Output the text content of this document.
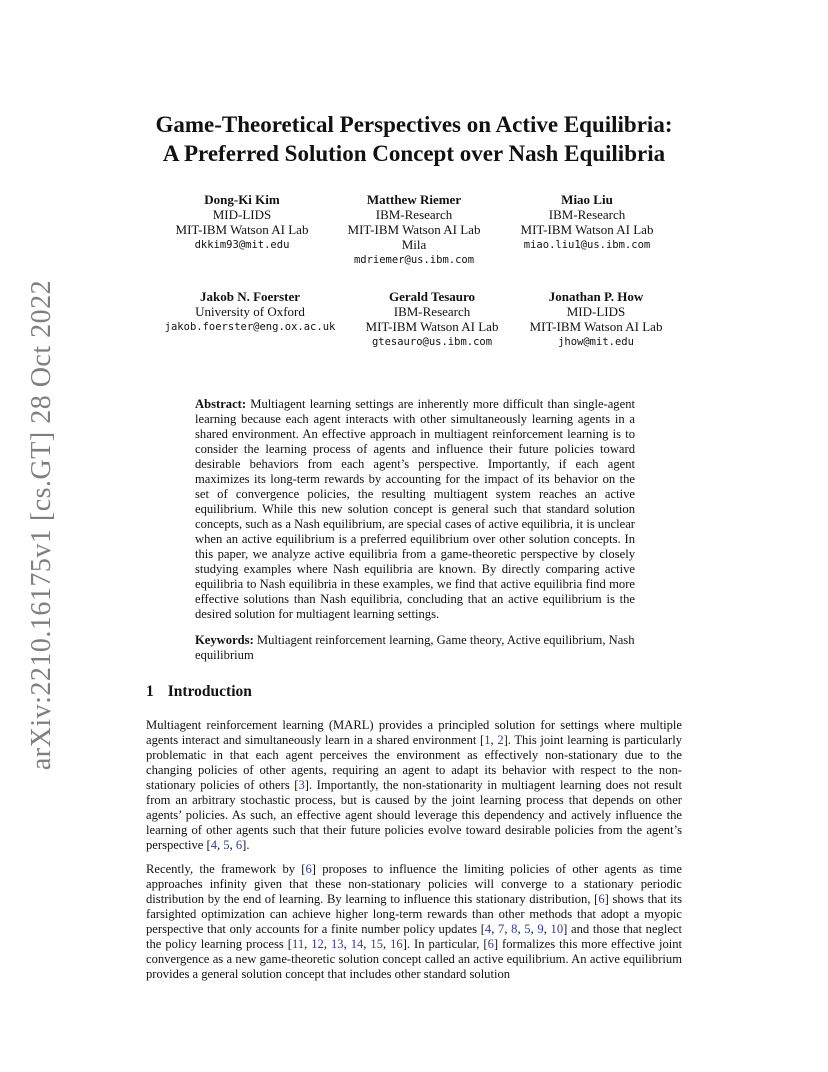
arXiv:2210.16175v1 [cs.GT] 28 Oct 2022
Game-Theoretical Perspectives on Active Equilibria:
A Preferred Solution Concept over Nash Equilibria
Dong-Ki Kim
MID-LIDS
MIT-IBM Watson AI Lab
dkkim93@mit.edu
Matthew Riemer
IBM-Research
MIT-IBM Watson AI Lab
Mila
mdriemer@us.ibm.com
Miao Liu
IBM-Research
MIT-IBM Watson AI Lab
miao.liu1@us.ibm.com
Jakob N. Foerster
University of Oxford
jakob.foerster@eng.ox.ac.uk
Gerald Tesauro
IBM-Research
MIT-IBM Watson AI Lab
gtesauro@us.ibm.com
Jonathan P. How
MID-LIDS
MIT-IBM Watson AI Lab
jhow@mit.edu

Abstract: Multiagent learning settings are inherently more difficult than single-agent learning because each agent interacts with other simultaneously learning agents in a shared environment. An effective approach in multiagent reinforcement learning is to consider the learning process of agents and influence their future policies toward desirable behaviors from each agent’s perspective. Importantly, if each agent maximizes its long-term rewards by accounting for the impact of its behavior on the set of convergence policies, the resulting multiagent system reaches an active equilibrium. While this new solution concept is general such that standard solution concepts, such as a Nash equilibrium, are special cases of active equilibria, it is unclear when an active equilibrium is a preferred equilibrium over other solution concepts. In this paper, we analyze active equilibria from a game-theoretic perspective by closely studying examples where Nash equilibria are known. By directly comparing active equilibria to Nash equilibria in these examples, we find that active equilibria find more effective solutions than Nash equilibria, concluding that an active equilibrium is the desired solution for multiagent learning settings.

Keywords: Multiagent reinforcement learning, Game theory, Active equilibrium, Nash equilibrium

1 Introduction

Multiagent reinforcement learning (MARL) provides a principled solution for settings where multiple agents interact and simultaneously learn in a shared environment [1, 2]. This joint learning is particularly problematic in that each agent perceives the environment as effectively non-stationary due to the changing policies of other agents, requiring an agent to adapt its behavior with respect to the non-stationary policies of others [3]. Importantly, the non-stationarity in multiagent learning does not result from an arbitrary stochastic process, but is caused by the joint learning process that depends on other agents’ policies. As such, an effective agent should leverage this dependency and actively influence the learning of other agents such that their future policies evolve toward desirable policies from the agent’s perspective [4, 5, 6].

Recently, the framework by [6] proposes to influence the limiting policies of other agents as time approaches infinity given that these non-stationary policies will converge to a stationary periodic distribution by the end of learning. By learning to influence this stationary distribution, [6] shows that its farsighted optimization can achieve higher long-term rewards than other methods that adopt a myopic perspective that only accounts for a finite number policy updates [4, 7, 8, 5, 9, 10] and those that neglect the policy learning process [11, 12, 13, 14, 15, 16]. In particular, [6] formalizes this more effective joint convergence as a new game-theoretic solution concept called an active equilibrium. An active equilibrium provides a general solution concept that includes other standard solution
